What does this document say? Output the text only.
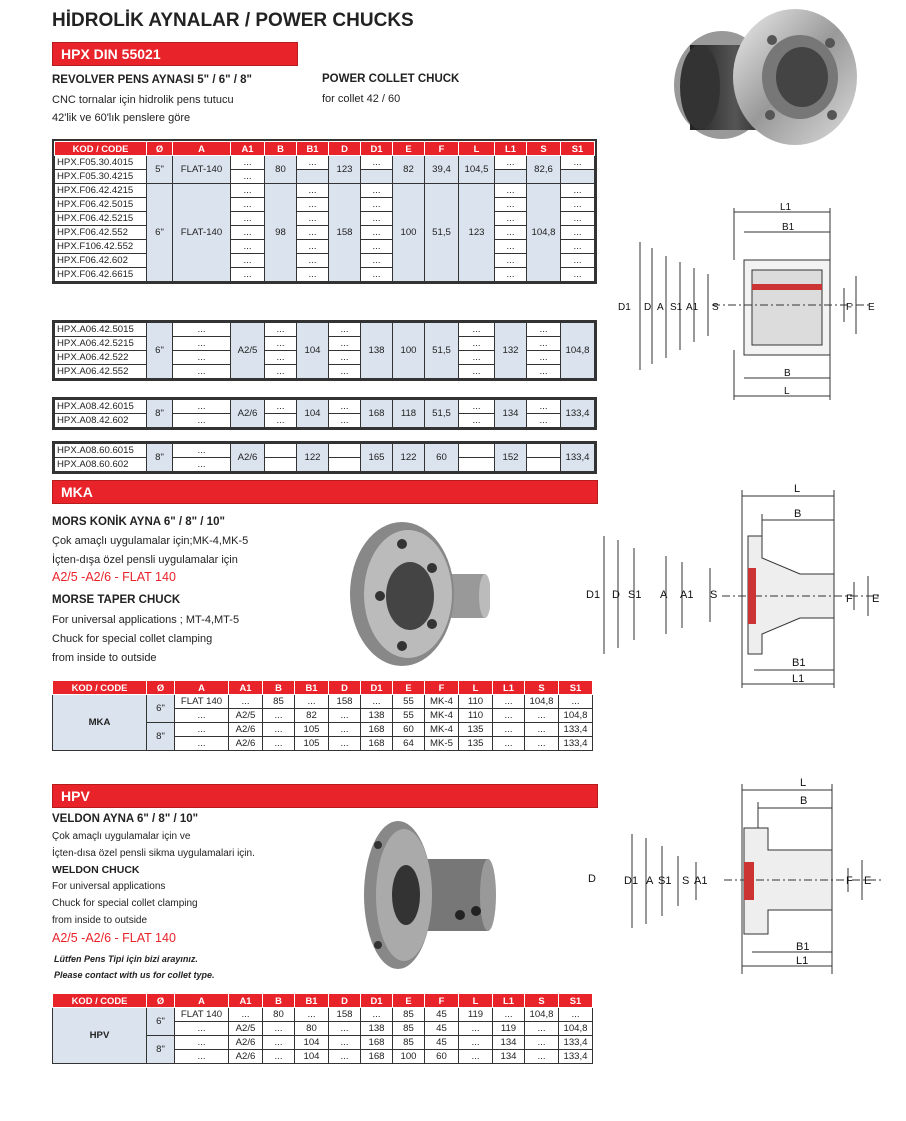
HİDROLİK AYNALAR / POWER CHUCKS
HPX DIN 55021
REVOLVER PENS AYNASI 5" / 6" / 8"
CNC tornalar için hidrolik pens tutucu
42'lik ve 60'lık penslere göre
POWER COLLET CHUCK
for collet 42 / 60
L1
B1
B
L
D1 D A S1 A1 S	F E
KOD / CODE	Ø	A	A1	B	B1	D	D1	E	F	L	L1	S	S1
HPX.F05.30.4015	5"	FLAT-140	...	80	...	123	...	82	39,4	104,5	...	82,6	...
HPX.F05.30.4215			...										
HPX.F06.42.4215	6"	FLAT-140	...	98	...	158	...	100	51,5	123	...	104,8	...
HPX.F06.42.5015			...		...		...				...		...
HPX.F06.42.5215			...		...		...				...		...
HPX.F06.42.552			...		...		...				...		...
HPX.F106.42.552			...		...		...				...		...
HPX.F06.42.602			...		...		...				...		...
HPX.F06.42.6615			...		...		...				...		...
HPX.A06.42.5015	6"	...	A2/5	...	104	...	138	100	51,5	...	132	...	104,8
HPX.A06.42.5215		...		...		...				...		...	
HPX.A06.42.522		...		...		...				...		...	
HPX.A06.42.552		...		...		...				...		...	
HPX.A08.42.6015	8"	...	A2/6	...	104	...	168	118	51,5	...	134	...	133,4
HPX.A08.42.602		...		...		...				...		...	
HPX.A08.60.6015	8"	...	A2/6		122		165	122	60		152		133,4
HPX.A08.60.602		...											
MKA
MORS KONİK AYNA 6" / 8" / 10"
Çok amaçlı uygulamalar için;MK-4,MK-5
İçten-dışa özel pensli uygulamalar için
A2/5 -A2/6 - FLAT 140
MORSE TAPER CHUCK
For universal applications ; MT-4,MT-5
Chuck for special collet clamping
from inside to outside
L
B
B1
L1
D1 D S1 A A1 S	F E
KOD / CODE	Ø	A	A1	B	B1	D	D1	E	F	L	L1	S	S1
MKA	6"	FLAT 140	...	85	...	158	...	55	MK-4	110	...	104,8	...
		...	A2/5	...	82	...	138	55	MK-4	110	...	...	104,8
	8"	...	A2/6	...	105	...	168	60	MK-4	135	...	...	133,4
		...	A2/6	...	105	...	168	64	MK-5	135	...	...	133,4
HPV
VELDON AYNA 6" / 8" / 10"
Çok amaçlı uygulamalar için ve
İçten-dısa özel pensli sikma uygulamalari için.
WELDON CHUCK
For universal applications
Chuck for special collet clamping
from inside to outside
A2/5 -A2/6 - FLAT 140
Lütfen Pens Tipi için bizi arayınız.
Please contact with us for collet type.
L
B
B1
L1
D	D1 A S1 S A1	F E
KOD / CODE	Ø	A	A1	B	B1	D	D1	E	F	L	L1	S	S1
HPV	6"	FLAT 140	...	80	...	158	...	85	45	119	...	104,8	...
		...	A2/5	...	80	...	138	85	45	...	119	...	104,8
	8"	...	A2/6	...	104	...	168	85	45	...	134	...	133,4
		...	A2/6	...	104	...	168	100	60	...	134	...	133,4
